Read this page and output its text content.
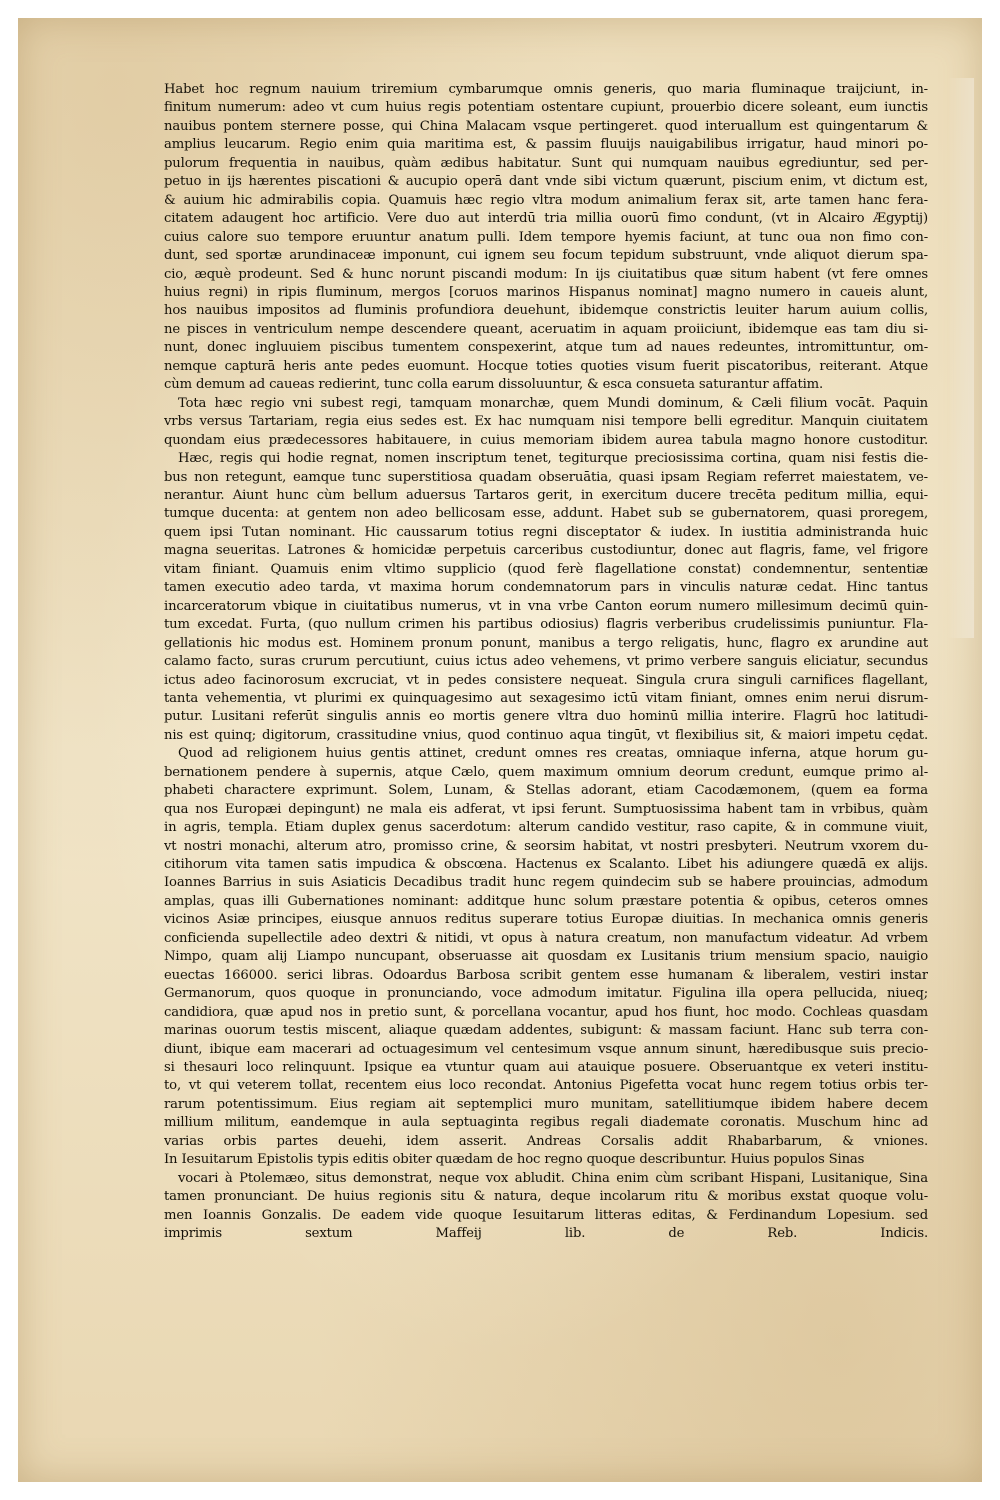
Habet hoc regnum nauium triremium cymbarumque omnis generis, quo maria fluminaque traijciunt, in-
finitum numerum: adeo vt cum huius regis potentiam ostentare cupiunt, prouerbio dicere soleant, eum iunctis
nauibus pontem sternere posse, qui China Malacam vsque pertingeret. quod interuallum est quingentarum &
amplius leucarum. Regio enim quia maritima est, & passim fluuijs nauigabilibus irrigatur, haud minori po-
pulorum frequentia in nauibus, quàm ædibus habitatur. Sunt qui numquam nauibus egrediuntur, sed per-
petuo in ijs hærentes piscationi & aucupio operā dant vnde sibi victum quærunt, piscium enim, vt dictum est,
& auium hic admirabilis copia. Quamuis hæc regio vltra modum animalium ferax sit, arte tamen hanc fera-
citatem adaugent hoc artificio. Vere duo aut interdū tria millia ouorū fimo condunt, (vt in Alcairo Ægyptij)
cuius calore suo tempore eruuntur anatum pulli. Idem tempore hyemis faciunt, at tunc oua non fimo con-
dunt, sed sportæ arundinaceæ imponunt, cui ignem seu focum tepidum substruunt, vnde aliquot dierum spa-
cio, æquè prodeunt. Sed & hunc norunt piscandi modum: In ijs ciuitatibus quæ situm habent (vt fere omnes
huius regni) in ripis fluminum, mergos [coruos marinos Hispanus nominat] magno numero in caueis alunt,
hos nauibus impositos ad fluminis profundiora deuehunt, ibidemque constrictis leuiter harum auium collis,
ne pisces in ventriculum nempe descendere queant, aceruatim in aquam proiiciunt, ibidemque eas tam diu si-
nunt, donec ingluuiem piscibus tumentem conspexerint, atque tum ad naues redeuntes, intromittuntur, om-
nemque capturā heris ante pedes euomunt. Hocque toties quoties visum fuerit piscatoribus, reiterant. Atque
cùm demum ad caueas redierint, tunc colla earum dissoluuntur, & esca consueta saturantur affatim.
Tota hæc regio vni subest regi, tamquam monarchæ, quem Mundi dominum, & Cæli filium vocāt. Paquin
vrbs versus Tartariam, regia eius sedes est. Ex hac numquam nisi tempore belli egreditur. Manquin ciuitatem
quondam eius prædecessores habitauere, in cuius memoriam ibidem aurea tabula magno honore custoditur.
Hæc, regis qui hodie regnat, nomen inscriptum tenet, tegiturque preciosissima cortina, quam nisi festis die-
bus non retegunt, eamque tunc superstitiosa quadam obseruātia, quasi ipsam Regiam referret maiestatem, ve-
nerantur. Aiunt hunc cùm bellum aduersus Tartaros gerit, in exercitum ducere trecēta peditum millia, equi-
tumque ducenta: at gentem non adeo bellicosam esse, addunt. Habet sub se gubernatorem, quasi proregem,
quem ipsi Tutan nominant. Hic caussarum totius regni disceptator & iudex. In iustitia administranda huic
magna seueritas. Latrones & homicidæ perpetuis carceribus custodiuntur, donec aut flagris, fame, vel frigore
vitam finiant. Quamuis enim vltimo supplicio (quod ferè flagellatione constat) condemnentur, sententiæ
tamen executio adeo tarda, vt maxima horum condemnatorum pars in vinculis naturæ cedat. Hinc tantus
incarceratorum vbique in ciuitatibus numerus, vt in vna vrbe Canton eorum numero millesimum decimū quin-
tum excedat. Furta, (quo nullum crimen his partibus odiosius) flagris verberibus crudelissimis puniuntur. Fla-
gellationis hic modus est. Hominem pronum ponunt, manibus a tergo religatis, hunc, flagro ex arundine aut
calamo facto, suras crurum percutiunt, cuius ictus adeo vehemens, vt primo verbere sanguis eliciatur, secundus
ictus adeo facinorosum excruciat, vt in pedes consistere nequeat. Singula crura singuli carnifices flagellant,
tanta vehementia, vt plurimi ex quinquagesimo aut sexagesimo ictū vitam finiant, omnes enim nerui disrum-
putur. Lusitani referūt singulis annis eo mortis genere vltra duo hominū millia interire. Flagrū hoc latitudi-
nis est quinq; digitorum, crassitudine vnius, quod continuo aqua tingūt, vt flexibilius sit, & maiori impetu cędat.
Quod ad religionem huius gentis attinet, credunt omnes res creatas, omniaque inferna, atque horum gu-
bernationem pendere à supernis, atque Cælo, quem maximum omnium deorum credunt, eumque primo al-
phabeti charactere exprimunt. Solem, Lunam, & Stellas adorant, etiam Cacodæmonem, (quem ea forma
qua nos Europæi depingunt) ne mala eis adferat, vt ipsi ferunt. Sumptuosissima habent tam in vrbibus, quàm
in agris, templa. Etiam duplex genus sacerdotum: alterum candido vestitur, raso capite, & in commune viuit,
vt nostri monachi, alterum atro, promisso crine, & seorsim habitat, vt nostri presbyteri. Neutrum vxorem du-
citihorum vita tamen satis impudica & obscœna. Hactenus ex Scalanto. Libet his adiungere quædā ex alijs.
Ioannes Barrius in suis Asiaticis Decadibus tradit hunc regem quindecim sub se habere prouincias, admodum
amplas, quas illi Gubernationes nominant: additque hunc solum præstare potentia & opibus, ceteros omnes
vicinos Asiæ principes, eiusque annuos reditus superare totius Europæ diuitias. In mechanica omnis generis
conficienda supellectile adeo dextri & nitidi, vt opus à natura creatum, non manufactum videatur. Ad vrbem
Nimpo, quam alij Liampo nuncupant, obseruasse ait quosdam ex Lusitanis trium mensium spacio, nauigio
euectas 166000. serici libras. Odoardus Barbosa scribit gentem esse humanam & liberalem, vestiri instar
Germanorum, quos quoque in pronunciando, voce admodum imitatur. Figulina illa opera pellucida, niueq;
candidiora, quæ apud nos in pretio sunt, & porcellana vocantur, apud hos fiunt, hoc modo. Cochleas quasdam
marinas ouorum testis miscent, aliaque quædam addentes, subigunt: & massam faciunt. Hanc sub terra con-
diunt, ibique eam macerari ad octuagesimum vel centesimum vsque annum sinunt, hæredibusque suis precio-
si thesauri loco relinquunt. Ipsique ea vtuntur quam aui atauique posuere. Obseruantque ex veteri institu-
to, vt qui veterem tollat, recentem eius loco recondat. Antonius Pigefetta vocat hunc regem totius orbis ter-
rarum potentissimum. Eius regiam ait septemplici muro munitam, satellitiumque ibidem habere decem
millium militum, eandemque in aula septuaginta regibus regali diademate coronatis. Muschum hinc ad
varias orbis partes deuehi, idem asserit. Andreas Corsalis addit Rhabarbarum, & vniones.
In Iesuitarum Epistolis typis editis obiter quædam de hoc regno quoque describuntur. Huius populos Sinas
vocari à Ptolemæo, situs demonstrat, neque vox abludit. China enim cùm scribant Hispani, Lusitanique, Sina
tamen pronunciant. De huius regionis situ & natura, deque incolarum ritu & moribus exstat quoque volu-
men Ioannis Gonzalis. De eadem vide quoque Iesuitarum litteras editas, & Ferdinandum Lopesium. sed
imprimis sextum Maffeij lib. de Reb. Indicis.
